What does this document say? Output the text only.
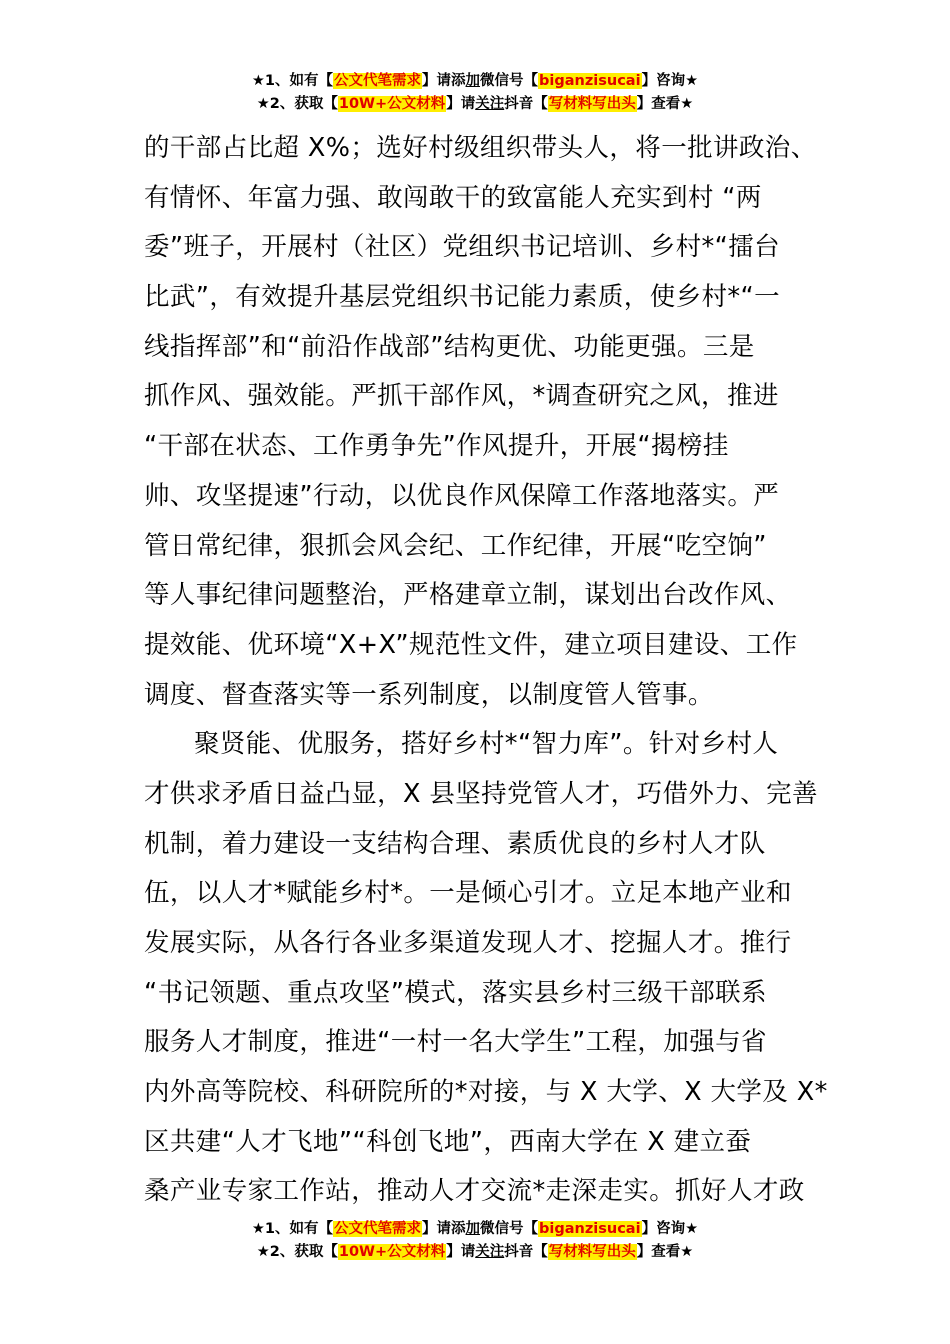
★1、如有【公文代笔需求】请添加微信号【biganzisucai】咨询★
★2、获取【10W+公文材料】请关注抖音【写材料写出头】查看★
的干部占比超 X%；选好村级组织带头人，将一批讲政治、
有情怀、年富力强、敢闯敢干的致富能人充实到村 “两
委”班子，开展村（社区）党组织书记培训、乡村*“擂台
比武”，有效提升基层党组织书记能力素质，使乡村*“一
线指挥部”和“前沿作战部”结构更优、功能更强。三是
抓作风、强效能。严抓干部作风，*调查研究之风，推进
“干部在状态、工作勇争先”作风提升，开展“揭榜挂
帅、攻坚提速”行动，以优良作风保障工作落地落实。严
管日常纪律，狠抓会风会纪、工作纪律，开展“吃空饷”
等人事纪律问题整治，严格建章立制，谋划出台改作风、
提效能、优环境“X+X”规范性文件，建立项目建设、工作
调度、督查落实等一系列制度，以制度管人管事。
聚贤能、优服务，搭好乡村*“智力库”。针对乡村人
才供求矛盾日益凸显，X 县坚持党管人才，巧借外力、完善
机制，着力建设一支结构合理、素质优良的乡村人才队
伍，以人才*赋能乡村*。一是倾心引才。立足本地产业和
发展实际，从各行各业多渠道发现人才、挖掘人才。推行
“书记领题、重点攻坚”模式，落实县乡村三级干部联系
服务人才制度，推进“一村一名大学生”工程，加强与省
内外高等院校、科研院所的*对接，与 X 大学、X 大学及 X*
区共建“人才飞地”“科创飞地”，西南大学在 X 建立蚕
桑产业专家工作站，推动人才交流*走深走实。抓好人才政
★1、如有【公文代笔需求】请添加微信号【biganzisucai】咨询★
★2、获取【10W+公文材料】请关注抖音【写材料写出头】查看★
